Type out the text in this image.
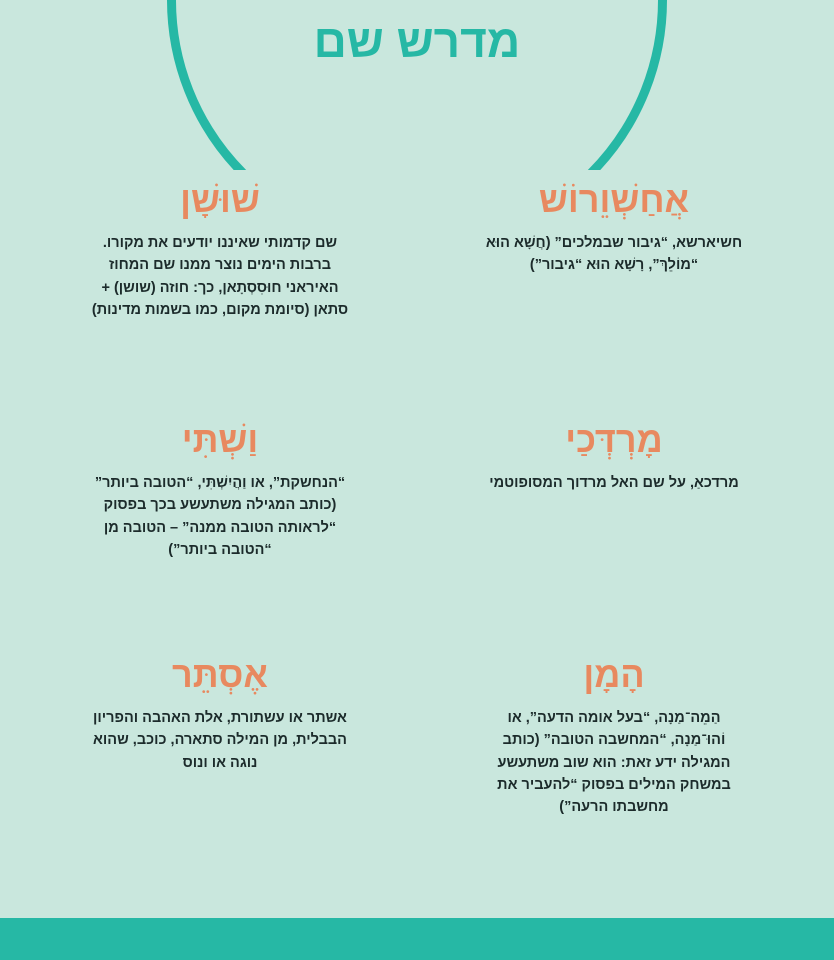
מדרש שם
אֲחַשְׁוֵרוֹשׁ
חשיארשא, “גיבור שבמלכים” (חֲשָׁא הוּא “מוֹלֵךְ”, רָשָׁא הוּא “גיבור”)
שׁוּשָׁן
שם קדמותי שאיננו יודעים את מקורו. ברבות הימים נוצר ממנו שם המחוז האיראני חוּסִסְתָאן, כך: חוזה (שושן) + סתאן (סיומת מקום, כמו בשמות מדינות)
מָרְדְּכַי
מרדכאַ, על שם האל מרדוך המסופוטמי
וַשְׁתִּי
“הנחשקת”, או וַהֲיִשְׁתִּי, “הטובה ביותר” (כותב המגילה משתעשע בכך בפסוק “לראותה הטובה ממנה” – הטובה מן “הטובה ביותר”)
הָמָן
הַמֵה־מַנָה, “בעל אומה הדעה”, או וֹהוּ־מַנָה, “המחשבה הטובה” (כותב המגילה ידע זאת: הוא שוב משתעשע במשחק המילים בפסוק “להעביר את מחשבתו הרעה”)
אֶסְתֵּר
אשתר או עשתורת, אלת האהבה והפריון הבבלית, מן המילה סתארה, כוכב, שהוא נוגה או ונוס
